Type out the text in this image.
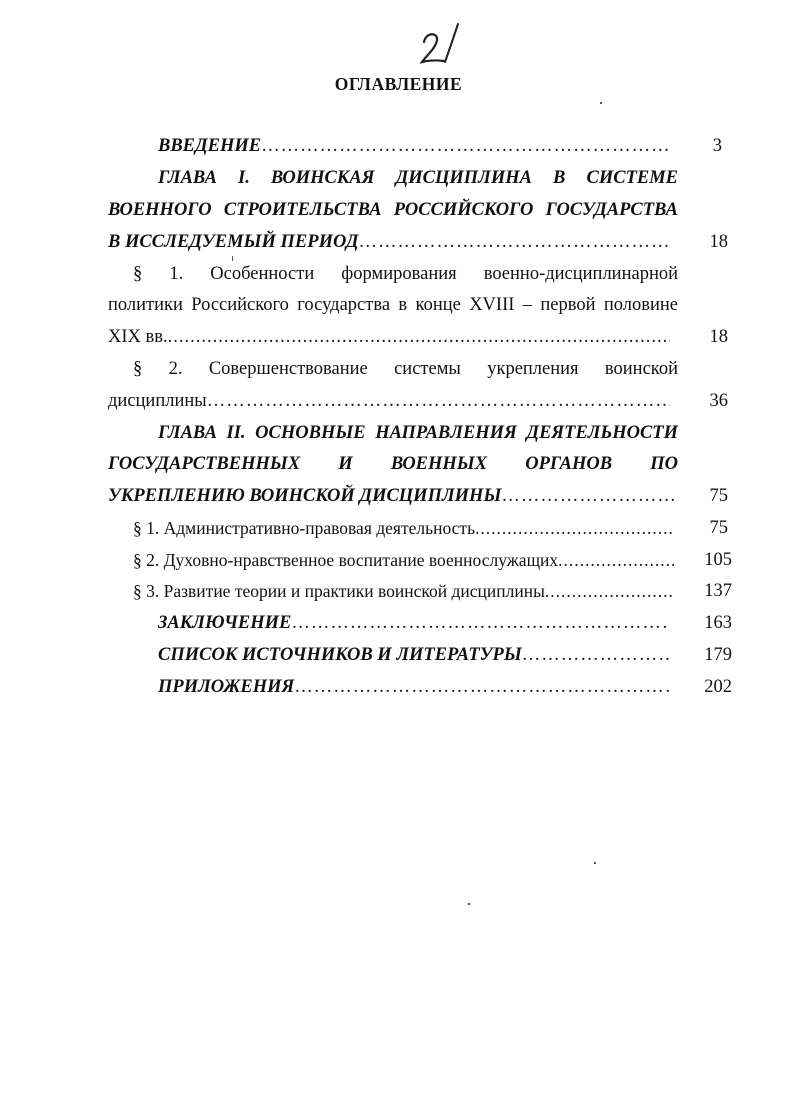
ОГЛАВЛЕНИЕ
ВВЕДЕНИЕ ……………………………………………………………………………………………………………………………………………………………………………………………………………	3
ГЛАВА I. ВОИНСКАЯ ДИСЦИПЛИНА В СИСТЕМЕ
ВОЕННОГО СТРОИТЕЛЬСТВА РОССИЙСКОГО ГОСУДАРСТВА
В ИССЛЕДУЕМЫЙ ПЕРИОД ……………………………………………………………………………………………………………………………………………………………………………………………………………	18
§ 1. Особенности формирования военно-дисциплинарной
политики Российского государства в конце XVIII – первой половине
XIX вв. .....	18
§ 2. Совершенствование системы укрепления воинской
дисциплины ……………………………………………………………………………………………………………………………………………………………………………………………………………	36
ГЛАВА II. ОСНОВНЫЕ НАПРАВЛЕНИЯ ДЕЯТЕЛЬНОСТИ
ГОСУДАРСТВЕННЫХ И ВОЕННЫХ ОРГАНОВ ПО
УКРЕПЛЕНИЮ ВОИНСКОЙ ДИСЦИПЛИНЫ ……………………………………………………………………………………………………………………………………………………………………………………………………………	75
§ 1. Административно-правовая деятельность .....	75
§ 2. Духовно-нравственное воспитание военнослужащих .....	105
§ 3. Развитие теории и практики воинской дисциплины .....	137
ЗАКЛЮЧЕНИЕ ……………………………………………………………………………………………………………………………………………………………………………………………………………	163
СПИСОК ИСТОЧНИКОВ И ЛИТЕРАТУРЫ ……………………………………………………………………………………………………………………………………………………………………………………………………………	179
ПРИЛОЖЕНИЯ ……………………………………………………………………………………………………………………………………………………………………………………………………………	202
